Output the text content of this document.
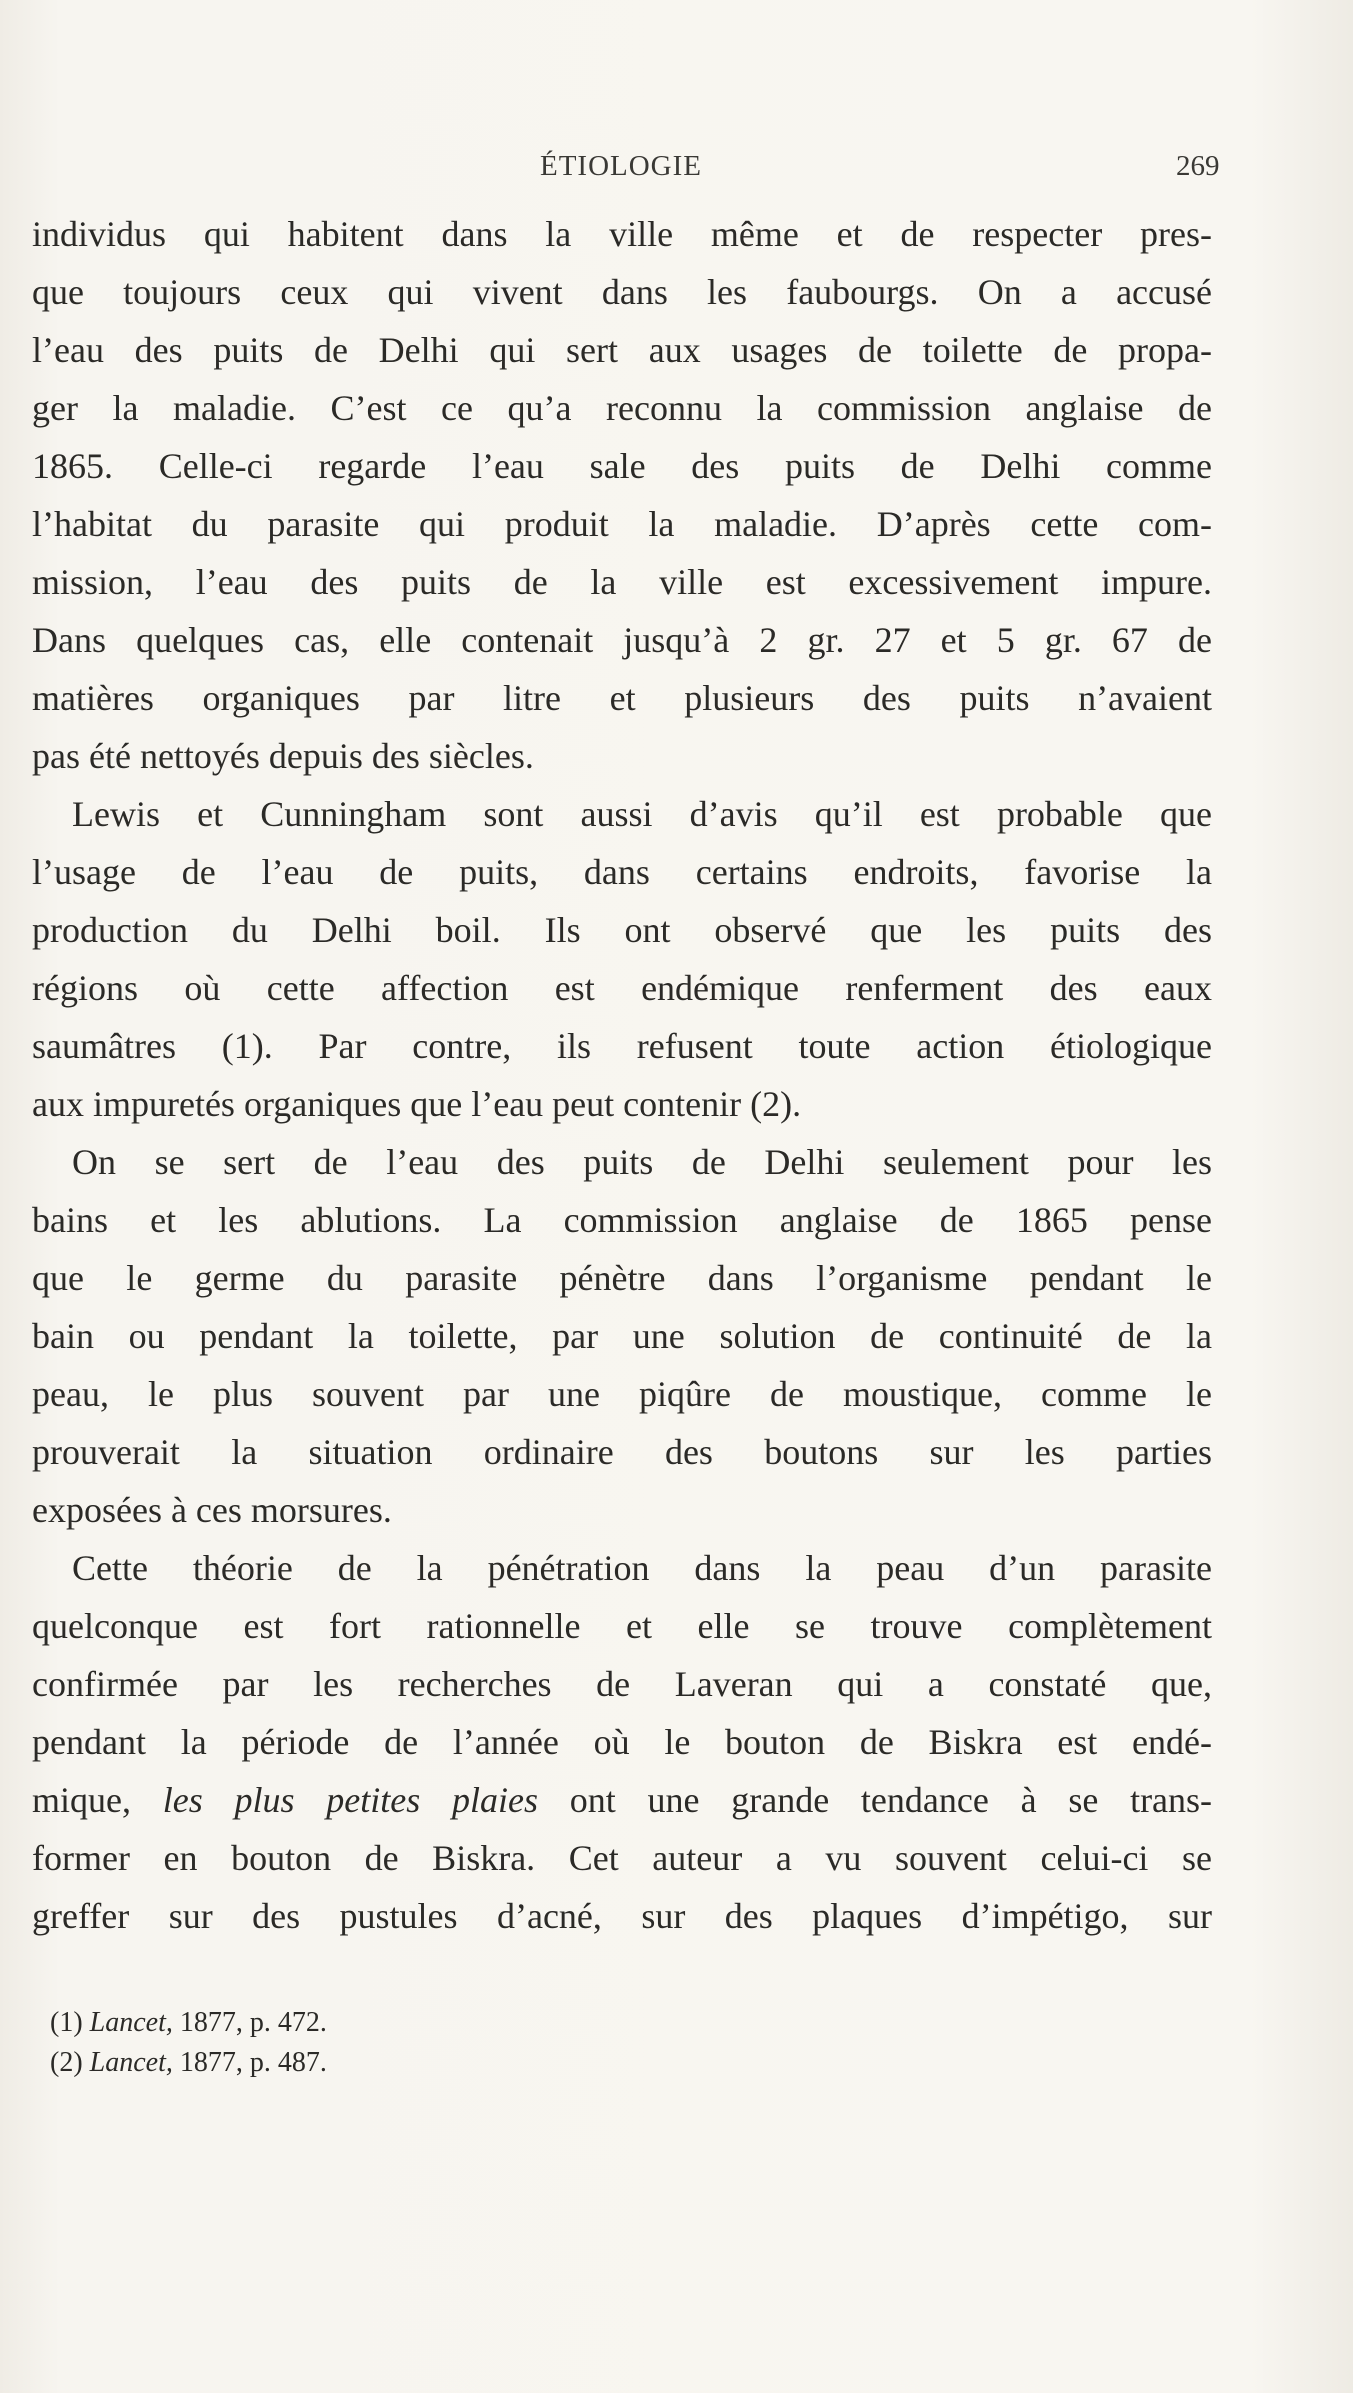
ÉTIOLOGIE	269
individus qui habitent dans la ville même et de respecter pres-
que toujours ceux qui vivent dans les faubourgs. On a accusé
l’eau des puits de Delhi qui sert aux usages de toilette de propa-
ger la maladie. C’est ce qu’a reconnu la commission anglaise de
1865. Celle-ci regarde l’eau sale des puits de Delhi comme
l’habitat du parasite qui produit la maladie. D’après cette com-
mission, l’eau des puits de la ville est excessivement impure.
Dans quelques cas, elle contenait jusqu’à 2 gr. 27 et 5 gr. 67 de
matières organiques par litre et plusieurs des puits n’avaient
pas été nettoyés depuis des siècles.
Lewis et Cunningham sont aussi d’avis qu’il est probable que
l’usage de l’eau de puits, dans certains endroits, favorise la
production du Delhi boil. Ils ont observé que les puits des
régions où cette affection est endémique renferment des eaux
saumâtres (1). Par contre, ils refusent toute action étiologique
aux impuretés organiques que l’eau peut contenir (2).
On se sert de l’eau des puits de Delhi seulement pour les
bains et les ablutions. La commission anglaise de 1865 pense
que le germe du parasite pénètre dans l’organisme pendant le
bain ou pendant la toilette, par une solution de continuité de la
peau, le plus souvent par une piqûre de moustique, comme le
prouverait la situation ordinaire des boutons sur les parties
exposées à ces morsures.
Cette théorie de la pénétration dans la peau d’un parasite
quelconque est fort rationnelle et elle se trouve complètement
confirmée par les recherches de Laveran qui a constaté que,
pendant la période de l’année où le bouton de Biskra est endé-
mique, les plus petites plaies ont une grande tendance à se trans-
former en bouton de Biskra. Cet auteur a vu souvent celui-ci se
greffer sur des pustules d’acné, sur des plaques d’impétigo, sur
(1) Lancet, 1877, p. 472.
(2) Lancet, 1877, p. 487.
